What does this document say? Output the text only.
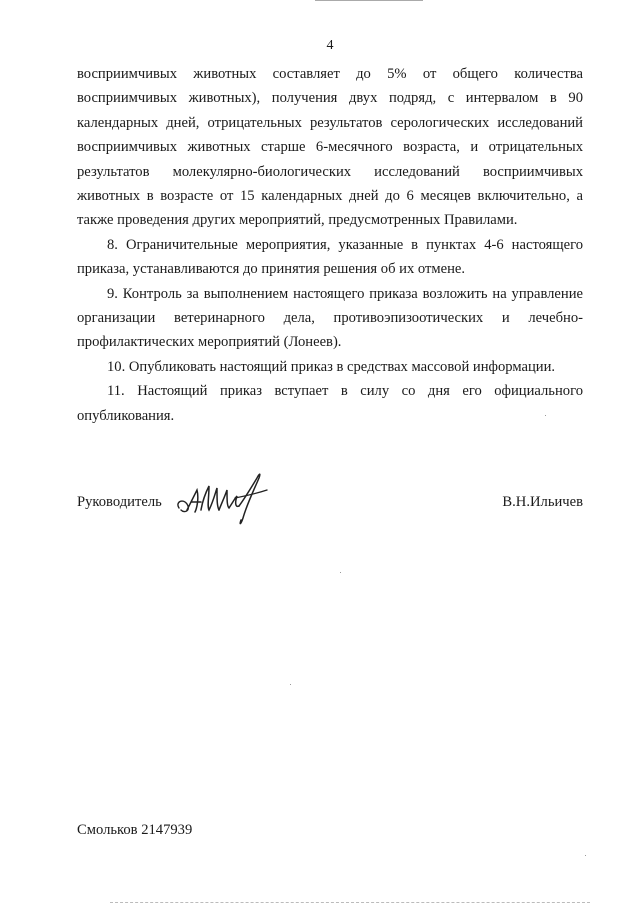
4

восприимчивых животных составляет до 5% от общего количества восприимчивых животных), получения двух подряд, с интервалом в 90 календарных дней, отрицательных результатов серологических исследований восприимчивых животных старше 6-месячного возраста, и отрицательных результатов молекулярно-биологических исследований восприимчивых животных в возрасте от 15 календарных дней до 6 месяцев включительно, а также проведения других мероприятий, предусмотренных Правилами.

8. Ограничительные мероприятия, указанные в пунктах 4-6 настоящего приказа, устанавливаются до принятия решения об их отмене.

9. Контроль за выполнением настоящего приказа возложить на управление организации ветеринарного дела, противоэпизоотических и лечебно-профилактических мероприятий (Лонеев).

10. Опубликовать настоящий приказ в средствах массовой информации.

11. Настоящий приказ вступает в силу со дня его официального опубликования.

Руководитель	В.Н.Ильичев
Смольков 2147939
